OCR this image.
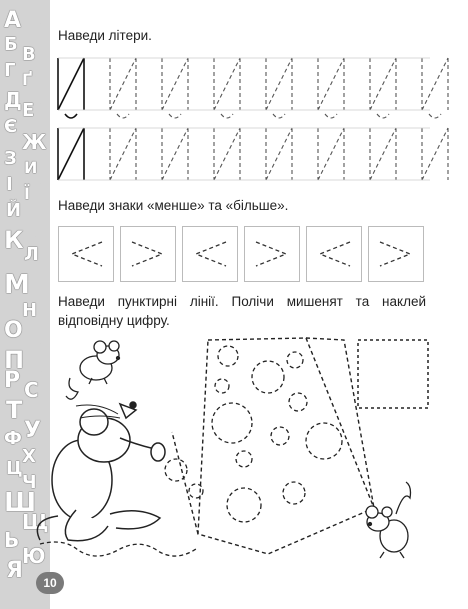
А
Б В
Г Ґ
Д Е
Є
Ж
З И
І Ї
Й
К
Л
М
Н
О
П
Р С
Т
У
Ф
Х
Ц
Ч
Ш
Щ
Ь
Ю
Я	10
Наведи літери.
Наведи знаки «менше» та «більше».
Наведи пунктирні лінії. Полічи мишенят та наклей відповідну цифру.
